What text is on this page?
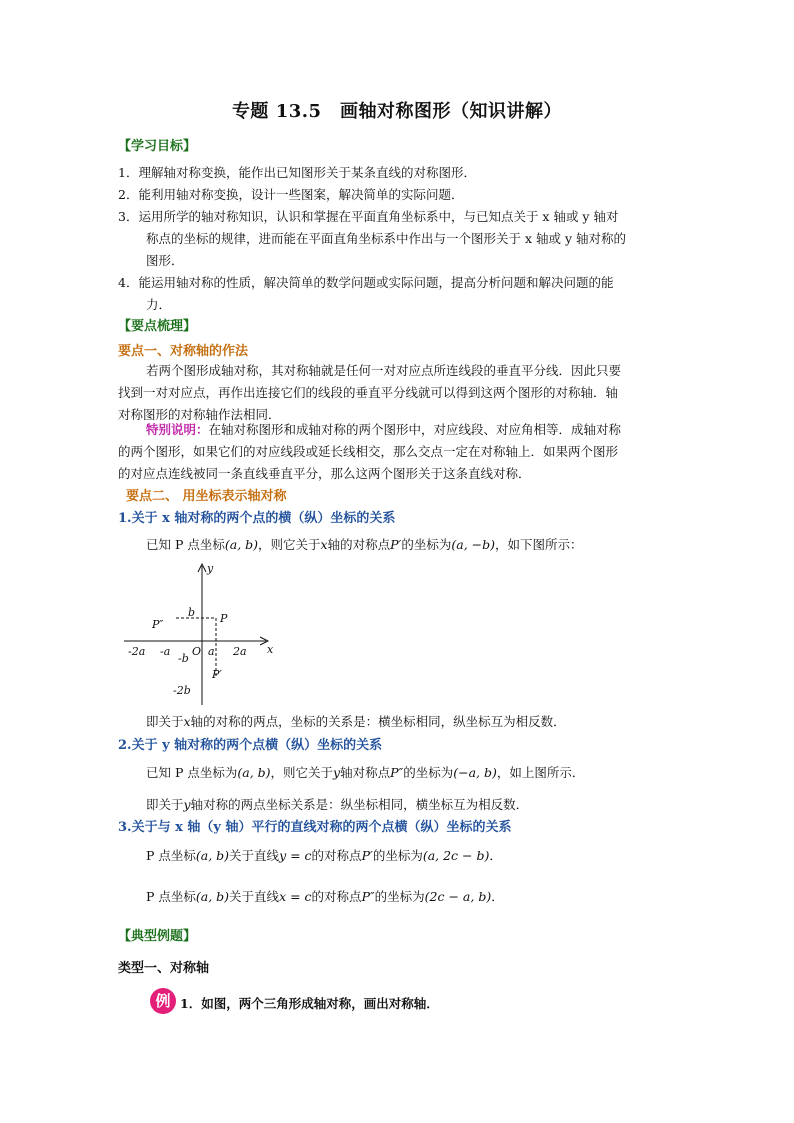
专题 13.5　画轴对称图形（知识讲解）
【学习目标】
1．理解轴对称变换，能作出已知图形关于某条直线的对称图形．
2．能利用轴对称变换，设计一些图案，解决简单的实际问题．
3．运用所学的轴对称知识，认识和掌握在平面直角坐标系中，与已知点关于 x 轴或 y 轴对
称点的坐标的规律，进而能在平面直角坐标系中作出与一个图形关于 x 轴或 y 轴对称的
图形．
4．能运用轴对称的性质，解决简单的数学问题或实际问题，提高分析问题和解决问题的能
力．
【要点梳理】
要点一、对称轴的作法
若两个图形成轴对称，其对称轴就是任何一对对应点所连线段的垂直平分线．因此只要
找到一对对应点，再作出连接它们的线段的垂直平分线就可以得到这两个图形的对称轴．轴
对称图形的对称轴作法相同．
特别说明：在轴对称图形和成轴对称的两个图形中，对应线段、对应角相等．成轴对称
的两个图形，如果它们的对应线段或延长线相交，那么交点一定在对称轴上．如果两个图形
的对应点连线被同一条直线垂直平分，那么这两个图形关于这条直线对称．
要点二、 用坐标表示轴对称
1.关于 x 轴对称的两个点的横（纵）坐标的关系
已知 P 点坐标(a, b)，则它关于x轴的对称点P′的坐标为(a, −b)，如下图所示：
y
x
O
b
-b
-2b
a 2a
-a
-2a
P
P′
P″
即关于x轴的对称的两点，坐标的关系是：横坐标相同，纵坐标互为相反数．
2.关于 y 轴对称的两个点横（纵）坐标的关系
已知 P 点坐标为(a, b)，则它关于y轴对称点P″的坐标为(−a, b)，如上图所示．
即关于y轴对称的两点坐标关系是：纵坐标相同，横坐标互为相反数．
3.关于与 x 轴（y 轴）平行的直线对称的两个点横（纵）坐标的关系
P 点坐标(a, b)关于直线y = c的对称点P′的坐标为(a, 2c − b)．
P 点坐标(a, b)关于直线x = c的对称点P″的坐标为(2c − a, b)．
【典型例题】
类型一、对称轴
例 1．如图，两个三角形成轴对称，画出对称轴．
